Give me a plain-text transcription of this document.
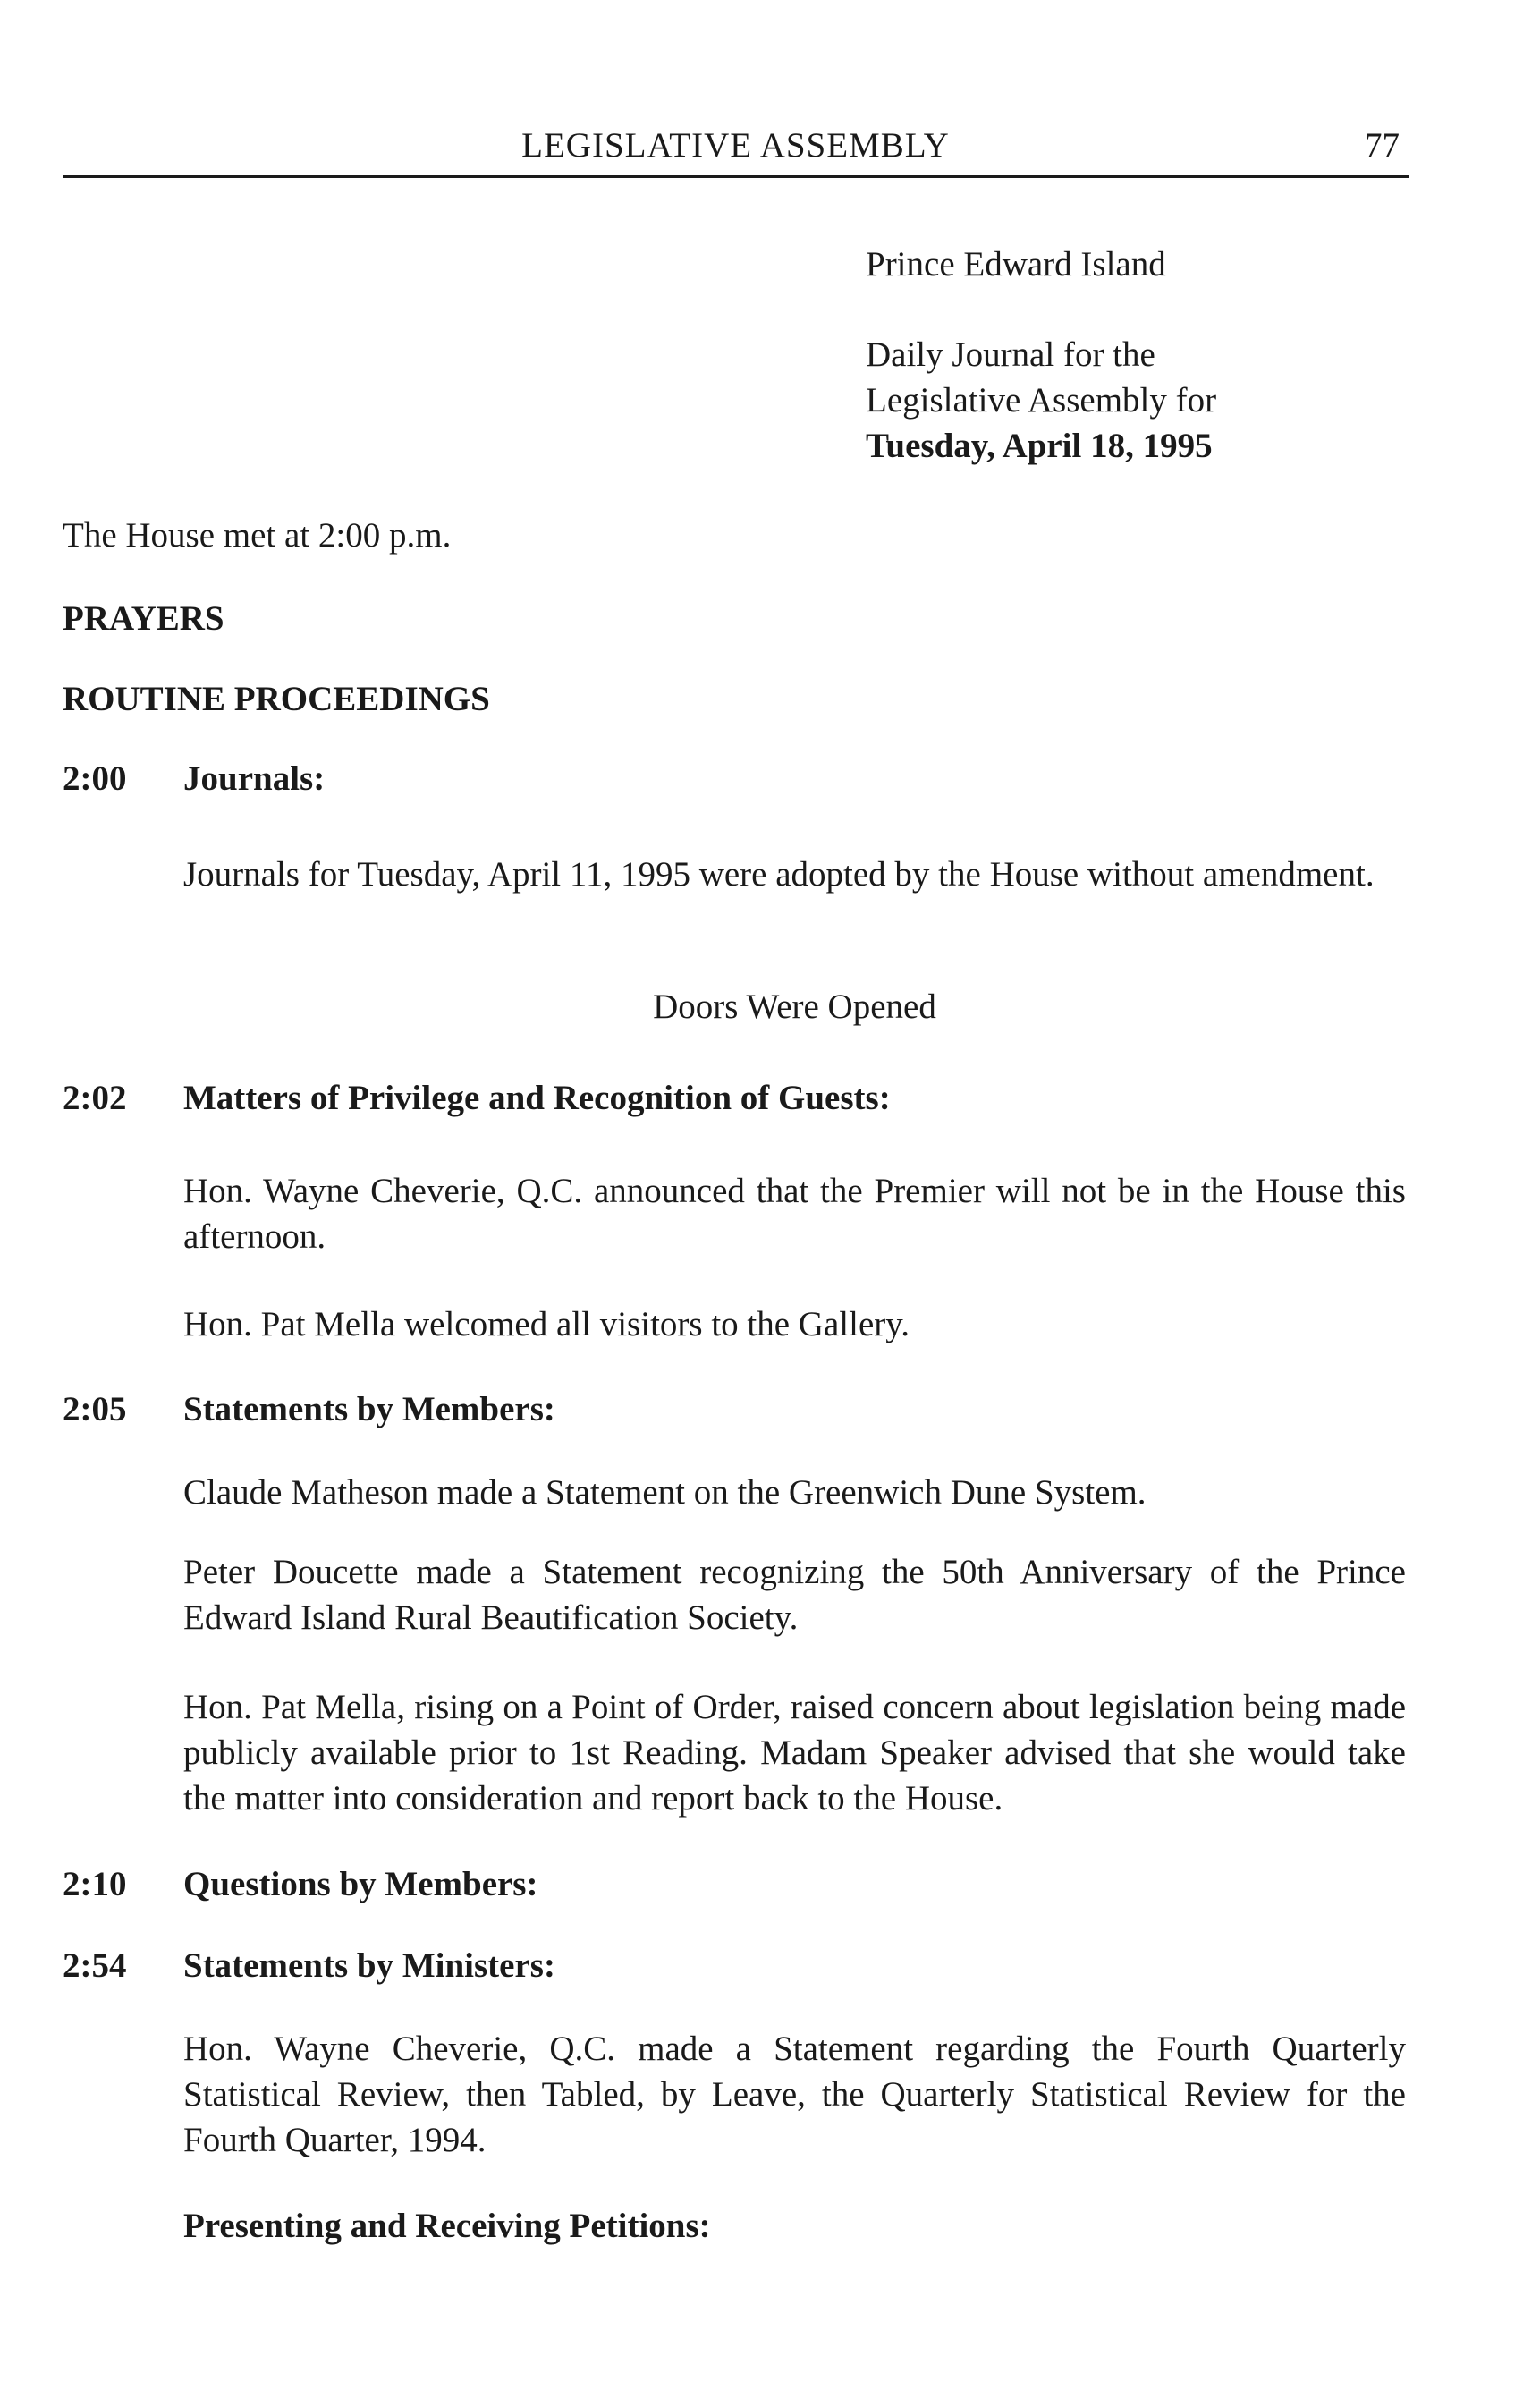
LEGISLATIVE ASSEMBLY	77
Prince Edward Island
Daily Journal for the
Legislative Assembly for
Tuesday, April 18, 1995
The House met at 2:00 p.m.
PRAYERS
ROUTINE PROCEEDINGS
2:00 Journals:
Journals for Tuesday, April 11, 1995 were adopted by the House without amendment.
Doors Were Opened
2:02 Matters of Privilege and Recognition of Guests:
Hon. Wayne Cheverie, Q.C. announced that the Premier will not be in the House this afternoon.
Hon. Pat Mella welcomed all visitors to the Gallery.
2:05 Statements by Members:
Claude Matheson made a Statement on the Greenwich Dune System.
Peter Doucette made a Statement recognizing the 50th Anniversary of the Prince Edward Island Rural Beautification Society.
Hon. Pat Mella, rising on a Point of Order, raised concern about legislation being made publicly available prior to 1st Reading. Madam Speaker advised that she would take the matter into consideration and report back to the House.
2:10 Questions by Members:
2:54 Statements by Ministers:
Hon. Wayne Cheverie, Q.C. made a Statement regarding the Fourth Quarterly Statistical Review, then Tabled, by Leave, the Quarterly Statistical Review for the Fourth Quarter, 1994.
Presenting and Receiving Petitions:
